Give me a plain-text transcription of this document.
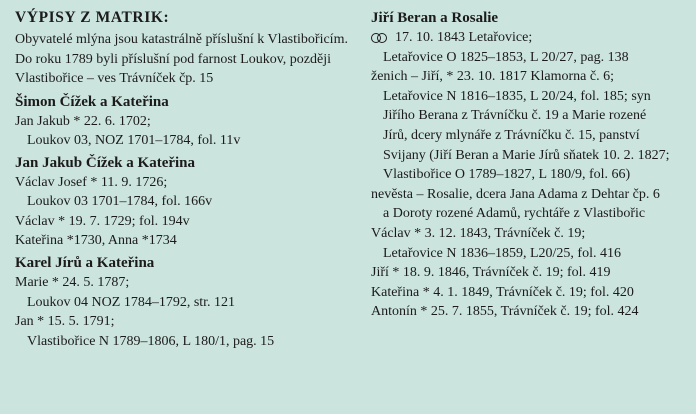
VÝPISY Z MATRIK:
Obyvatelé mlýna jsou katastrálně příslušní k Vlastibořicím. Do roku 1789 byli příslušní pod farnost Loukov, později Vlastibořice – ves Trávníček čp. 15
Šimon Čížek a Kateřina
Jan Jakub * 22. 6. 1702;
Loukov 03, NOZ 1701–1784, fol. 11v
Jan Jakub Čížek a Kateřina
Václav Josef * 11. 9. 1726;
Loukov 03 1701–1784, fol. 166v
Václav * 19. 7. 1729; fol. 194v
Kateřina *1730, Anna *1734
Karel Jírů a Kateřina
Marie * 24. 5. 1787;
Loukov 04 NOZ 1784–1792, str. 121
Jan * 15. 5. 1791;
Vlastibořice N 1789–1806, L 180/1, pag. 15
Jiří Beran a Rosalie
17. 10. 1843 Letařovice;
Letařovice O 1825–1853, L 20/27, pag. 138
ženich – Jiří, * 23. 10. 1817 Klamorna č. 6;
Letařovice N 1816–1835, L 20/24, fol. 185; syn
Jiřího Berana z Trávníčku č. 19 a Marie rozené
Jírů, dcery mlynáře z Trávníčku č. 15, panství
Svijany (Jiří Beran a Marie Jírů sňatek 10. 2. 1827;
Vlastibořice O 1789–1827, L 180/9, fol. 66)
nevěsta – Rosalie, dcera Jana Adama z Dehtar čp. 6
a Doroty rozené Adamů, rychtáře z Vlastibořic
Václav * 3. 12. 1843, Trávníček č. 19;
Letařovice N 1836–1859, L20/25, fol. 416
Jiří * 18. 9. 1846, Trávníček č. 19; fol. 419
Kateřina * 4. 1. 1849, Trávníček č. 19; fol. 420
Antonín * 25. 7. 1855, Trávníček č. 19; fol. 424
